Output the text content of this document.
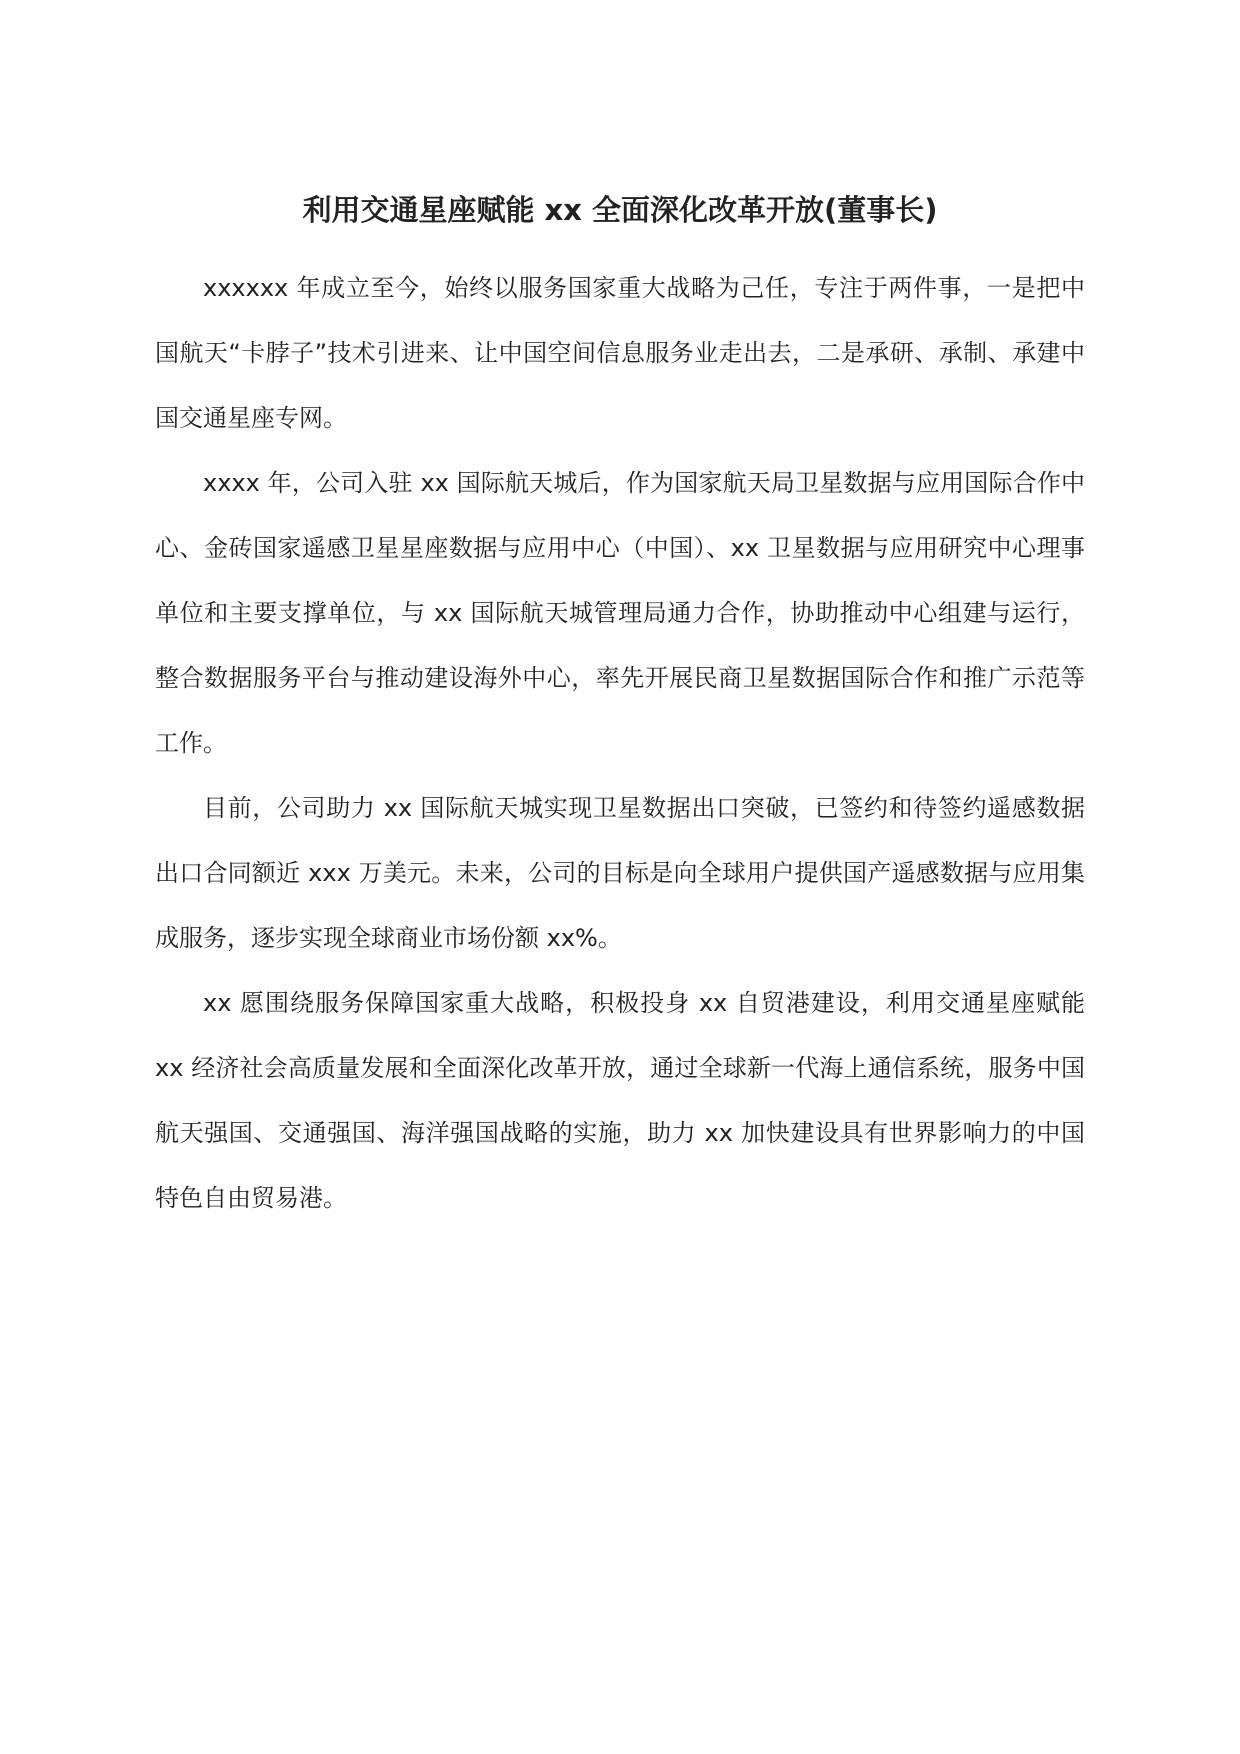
利用交通星座赋能 xx 全面深化改革开放(董事长)

xxxxxx 年成立至今，始终以服务国家重大战略为己任，专注于两件事，一是把中国航天“卡脖子”技术引进来、让中国空间信息服务业走出去，二是承研、承制、承建中国交通星座专网。

xxxx 年，公司入驻 xx 国际航天城后，作为国家航天局卫星数据与应用国际合作中心、金砖国家遥感卫星星座数据与应用中心（中国）、xx 卫星数据与应用研究中心理事单位和主要支撑单位，与 xx 国际航天城管理局通力合作，协助推动中心组建与运行，整合数据服务平台与推动建设海外中心，率先开展民商卫星数据国际合作和推广示范等工作。

目前，公司助力 xx 国际航天城实现卫星数据出口突破，已签约和待签约遥感数据出口合同额近 xxx 万美元。未来，公司的目标是向全球用户提供国产遥感数据与应用集成服务，逐步实现全球商业市场份额 xx%。

xx 愿围绕服务保障国家重大战略，积极投身 xx 自贸港建设，利用交通星座赋能 xx 经济社会高质量发展和全面深化改革开放，通过全球新一代海上通信系统，服务中国航天强国、交通强国、海洋强国战略的实施，助力 xx 加快建设具有世界影响力的中国特色自由贸易港。
